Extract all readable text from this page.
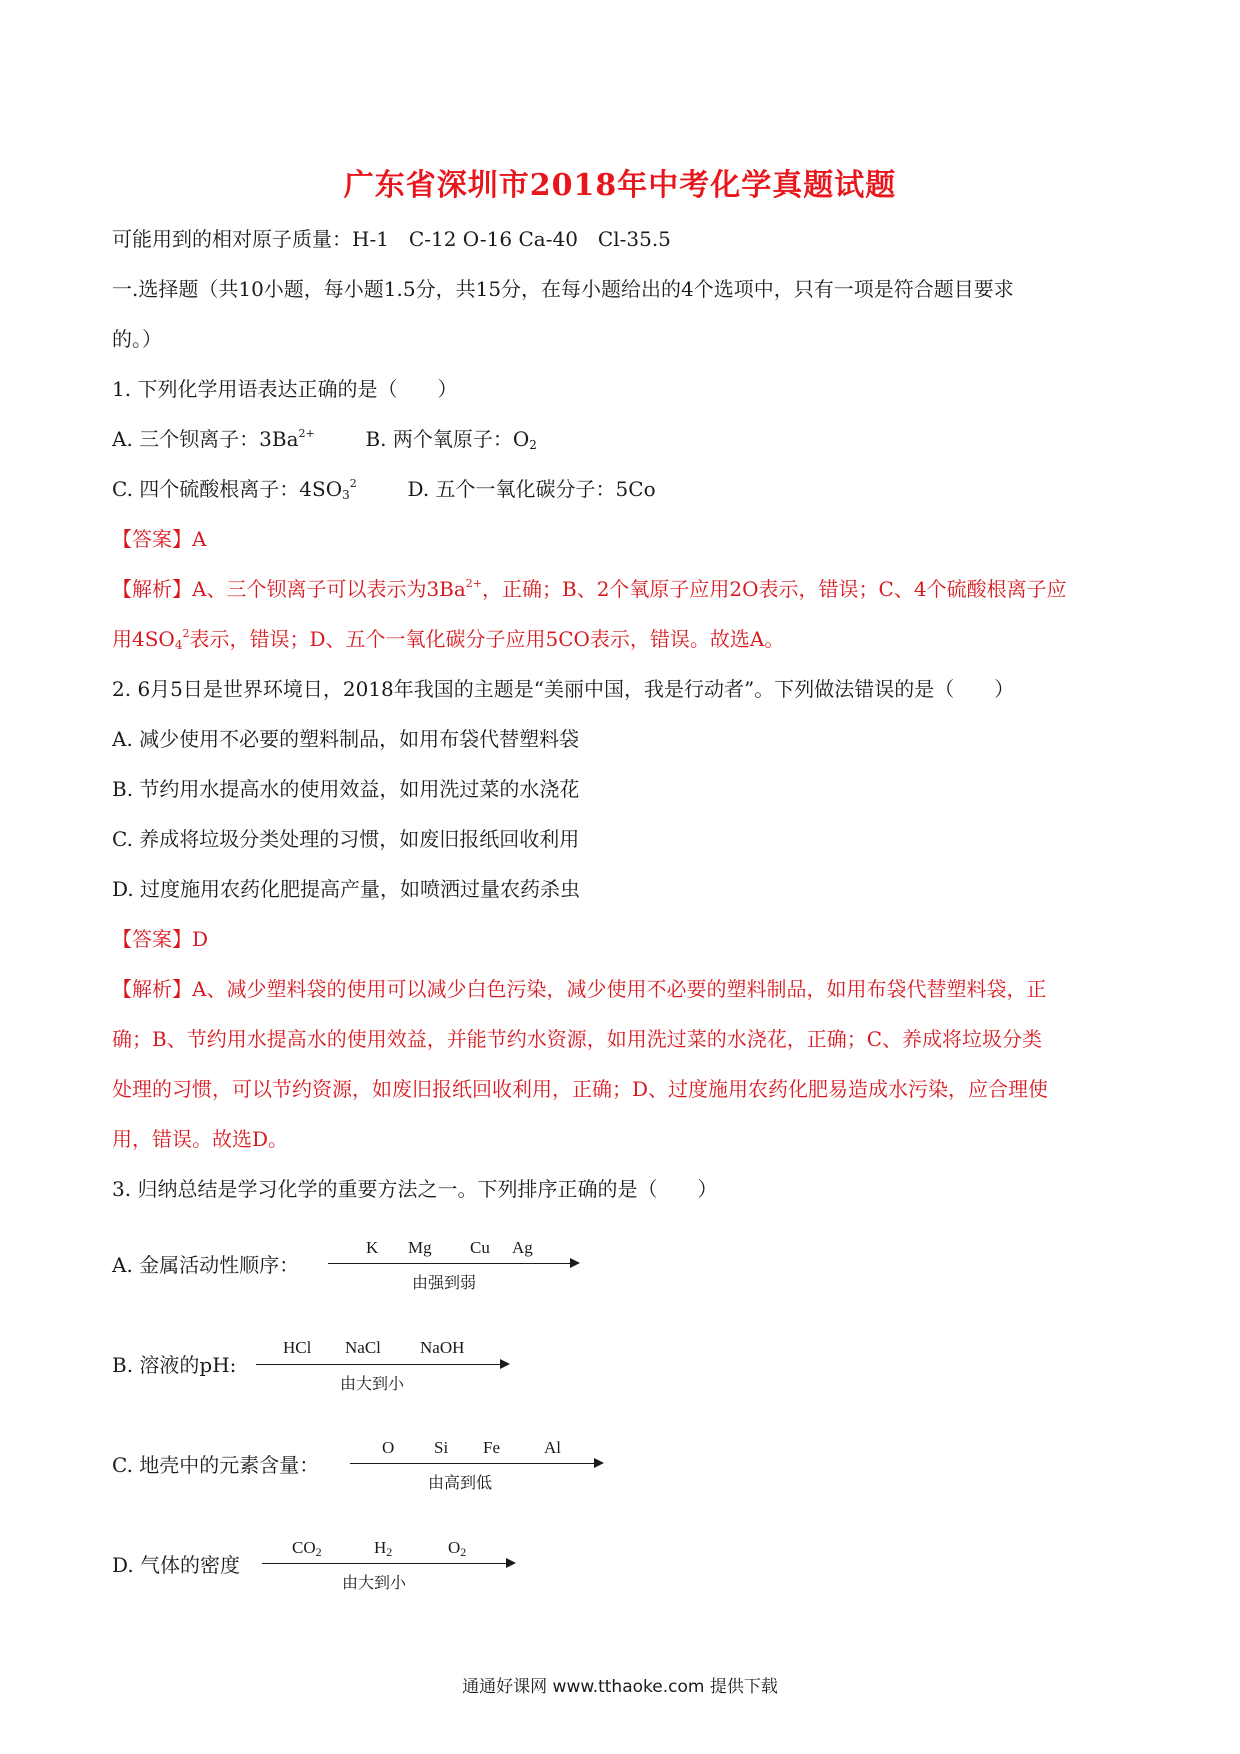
广东省深圳市2018年中考化学真题试题
可能用到的相对原子质量：H-1　C-12 O-16 Ca-40　Cl-35.5
一.选择题（共10小题，每小题1.5分，共15分，在每小题给出的4个选项中，只有一项是符合题目要求
的。）
1. 下列化学用语表达正确的是（　　）
A. 三个钡离子：$3Ba^{2+}$	B. 两个氧原子：$O_2$
C. 四个硫酸根离子：$4SO_3^2$	D. 五个一氧化碳分子：5Co
【答案】A
【解析】A、三个钡离子可以表示为$3Ba^{2+}$，正确；B、2个氧原子应用2O表示，错误；C、4个硫酸根离子应
用$4SO_4^2$表示，错误；D、五个一氧化碳分子应用5CO表示，错误。故选A。
2. 6月5日是世界环境日，2018年我国的主题是“美丽中国，我是行动者”。下列做法错误的是（　　）
A. 减少使用不必要的塑料制品，如用布袋代替塑料袋
B. 节约用水提高水的使用效益，如用洗过菜的水浇花
C. 养成将垃圾分类处理的习惯，如废旧报纸回收利用
D. 过度施用农药化肥提高产量，如喷洒过量农药杀虫
【答案】D
【解析】A、减少塑料袋的使用可以减少白色污染，减少使用不必要的塑料制品，如用布袋代替塑料袋，正
确；B、节约用水提高水的使用效益，并能节约水资源，如用洗过菜的水浇花，正确；C、养成将垃圾分类
处理的习惯，可以节约资源，如废旧报纸回收利用，正确；D、过度施用农药化肥易造成水污染，应合理使
用，错误。故选D。
3. 归纳总结是学习化学的重要方法之一。下列排序正确的是（　　）
A. 金属活动性顺序：
K Mg Cu Ag
由强到弱
B. 溶液的pH:
HCl NaCl NaOH
由大到小
C. 地壳中的元素含量：
O Si Fe	Al
由高到低
D. 气体的密度
$CO_2$	$H_2$	$O_2$
由大到小
通通好课网 www.tthaoke.com 提供下载
